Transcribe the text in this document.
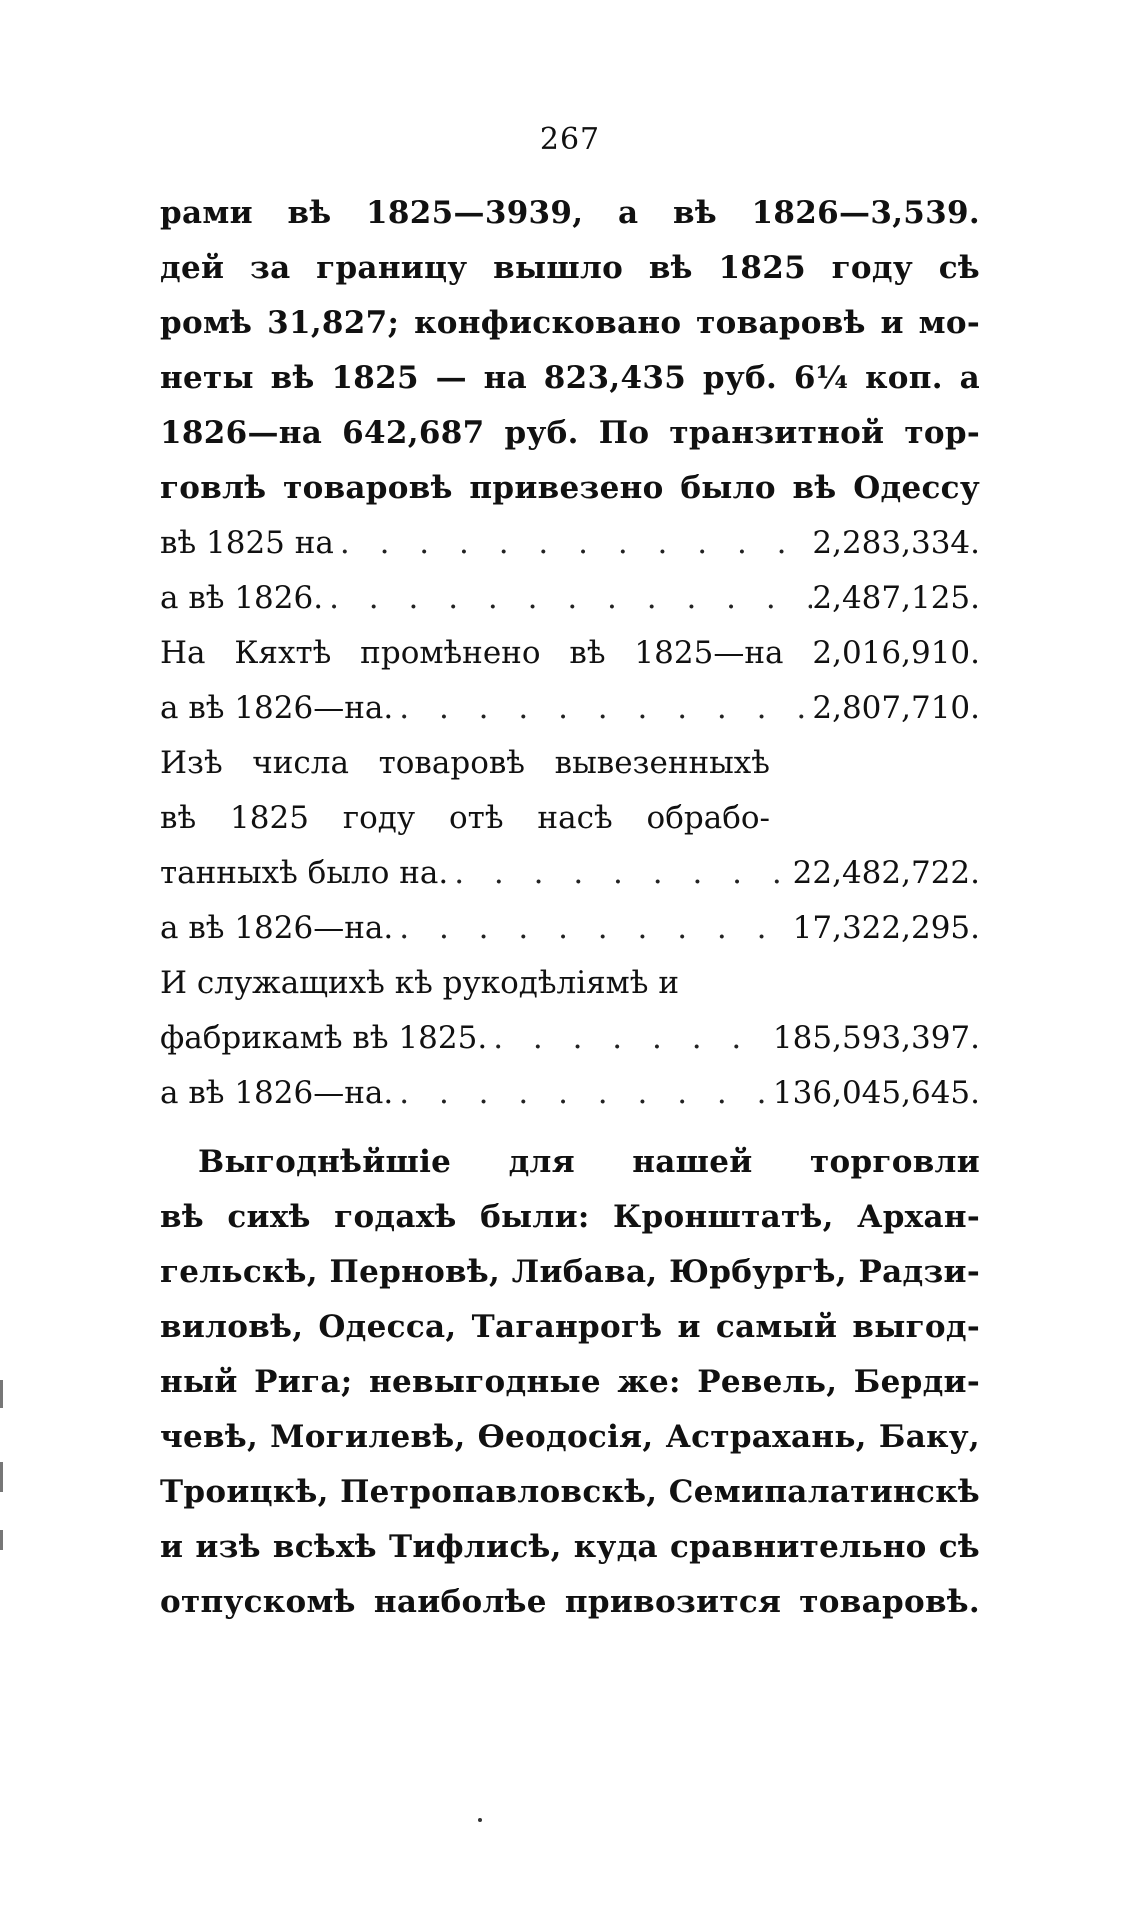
267
рами вѣ 1825—3939, а вѣ 1826—3,539.
дей за границу вышло вѣ 1825 году сѣ
ромѣ 31,827; конфисковано товаровѣ и мо-
неты вѣ 1825 — на 823,435 руб. 6¼ коп. а
1826—на 642,687 руб. По транзитной тор-
говлѣ товаровѣ привезено было вѣ Одессу
вѣ 1825 на . . .	2,283,334.
а вѣ 1826. . . .	2,487,125.
На Кяхтѣ промѣнено вѣ 1825—на 2,016,910.
а вѣ 1826—на. . . .	2,807,710.
Изѣ числа товаровѣ вывезенныхѣ
вѣ 1825 году отѣ насѣ обрабо-
танныхѣ было на. . . .	22,482,722.
а вѣ 1826—на. . . .	17,322,295.
И служащихѣ кѣ рукодѣліямѣ и
фабрикамѣ вѣ 1825. . . .	185,593,397.
а вѣ 1826—на. . . .	136,045,645.
Выгоднѣйшіе для нашей торговли
вѣ сихѣ годахѣ были: Кронштатѣ, Архан-
гельскѣ, Перновѣ, Либава, Юрбургѣ, Радзи-
виловѣ, Одесса, Таганрогѣ и самый выгод-
ный Рига; невыгодные же: Ревель, Берди-
чевѣ, Могилевѣ, Ѳеодосія, Астрахань, Баку,
Троицкѣ, Петропавловскѣ, Семипалатинскѣ
и изѣ всѣхѣ Тифлисѣ, куда сравнительно сѣ
отпускомѣ наиболѣе привозится товаровѣ.
